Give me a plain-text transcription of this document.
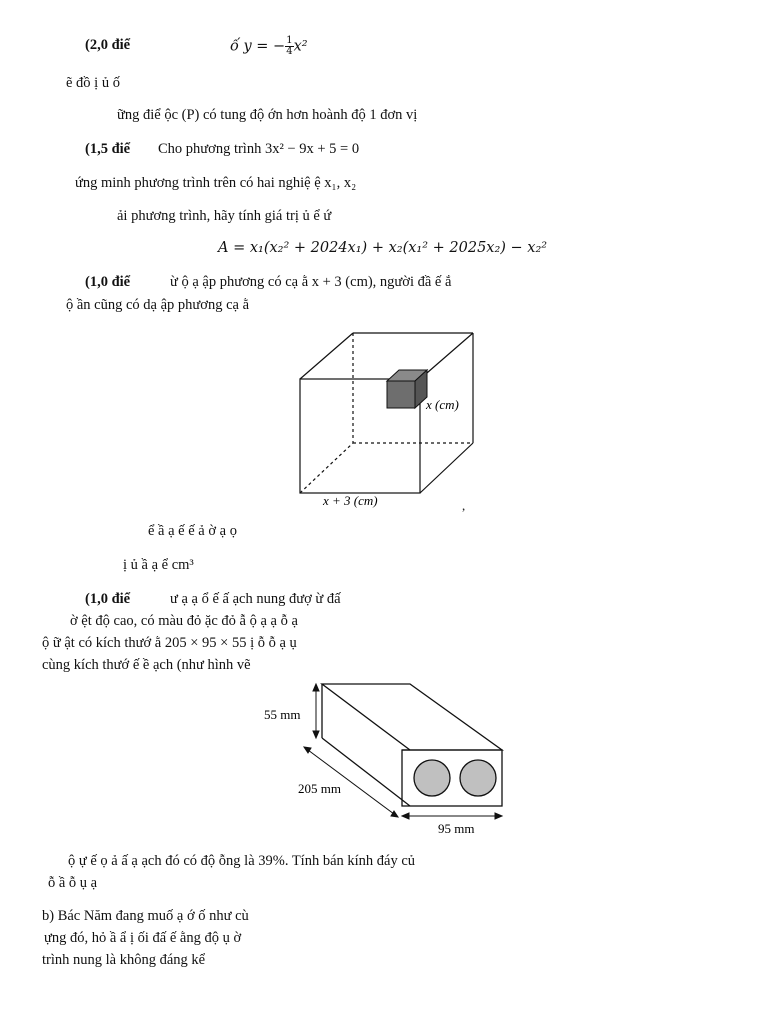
(2,0 điể	ố y = − $\frac{1}{4} x^2$
ẽ đồ ị ủ ố
ững điể ộc (P) có tung độ ớn hơn hoành độ 1 đơn vị
(1,5 điể Cho phương trình 3x² − 9x + 5 = 0
ứng minh phương trình trên có hai nghiệ ệ x₁, x₂
ải phương trình, hãy tính giá trị ủ ể ứ
A = x₁(x₂² + 2024x₁) + x₂(x₁² + 2025x₂) − x₂²
(1,0 điể	ừ ộ ạ ập phương có cạ ằ x + 3 (cm), người đầ ế ắ
ộ ần cũng có dạ ập phương cạ ằ
x (cm)
x + 3 (cm)	,
ể ầ ạ ế ế ả ờ ạ ọ
ị ủ ầ ạ ể cm³
(1,0 điể	ư ạ ạ ổ ế ấ ạch nung đượ ừ đấ
ờ ệt độ cao, có màu đỏ ặc đỏ ẫ ộ ạ ạ ỗ ạ
ộ ữ ật có kích thướ ằ 205 × 95 × 55 ị ỗ ỗ ạ ụ
cùng kích thướ ế ề ạch (như hình vẽ
55 mm
205 mm
95 mm
ộ ự ế ọ ả ấ ạ ạch đó có độ ỗng là 39%. Tính bán kính đáy củ
ỗ ầ ỗ ụ ạ
b) Bác Năm đang muố ạ ớ ố như cù
ựng đó, hỏ ầ ẩ ị ối đấ ế ằng độ ụ ờ
trình nung là không đáng kể
